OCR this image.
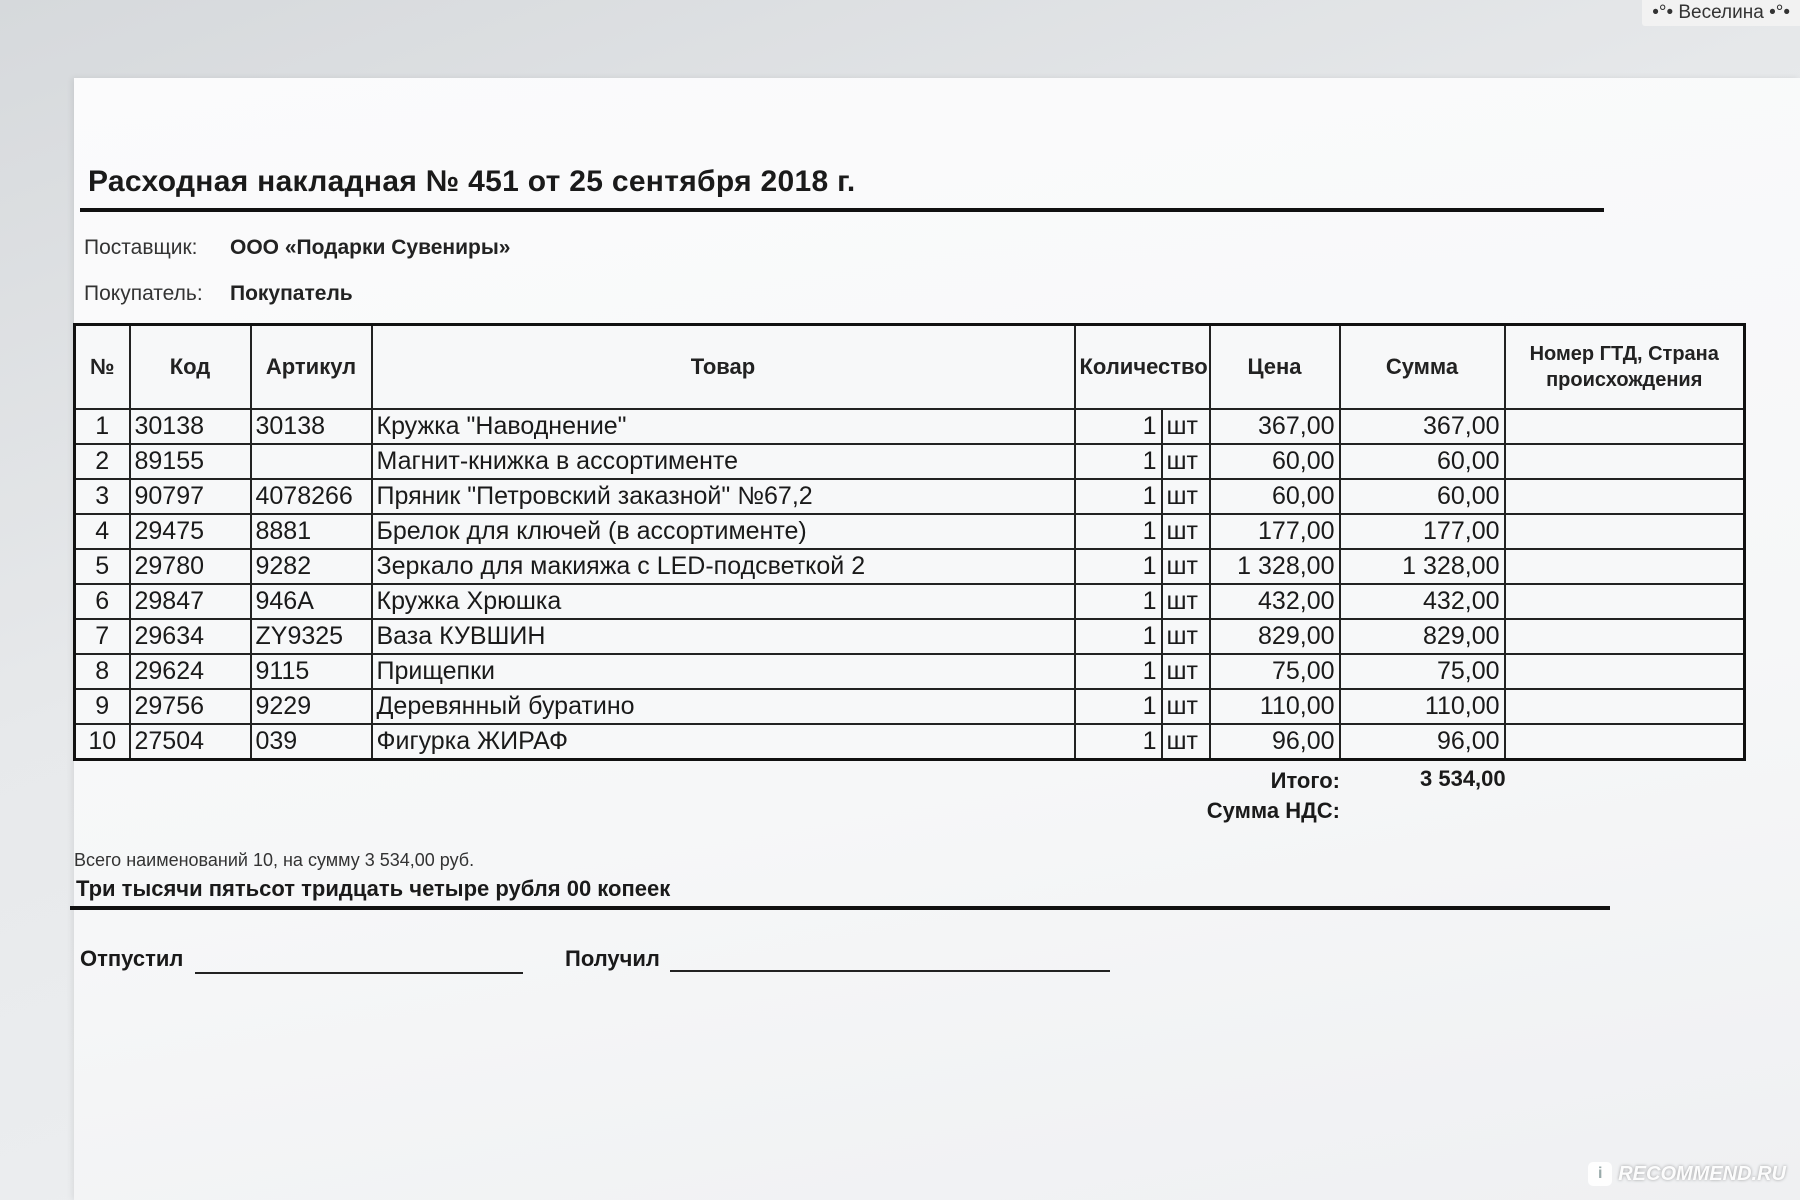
Расходная накладная № 451 от 25 сентября 2018 г.
Поставщик: ООО «Подарки Сувениры»
Покупатель: Покупатель
№	Код	Артикул	Товар	Количество		Цена	Сумма	Номер ГТД, Страна происхождения
1	30138	30138	Кружка "Наводнение"	1	шт	367,00	367,00	
2	89155		Магнит-книжка в ассортименте	1	шт	60,00	60,00	
3	90797	4078266	Пряник "Петровский заказной" №67,2	1	шт	60,00	60,00	
4	29475	8881	Брелок для ключей (в ассортименте)	1	шт	177,00	177,00	
5	29780	9282	Зеркало для макияжа с LED-подсветкой 2	1	шт	1 328,00	1 328,00	
6	29847	946A	Кружка Хрюшка	1	шт	432,00	432,00	
7	29634	ZY9325	Ваза КУВШИН	1	шт	829,00	829,00	
8	29624	9115	Прищепки	1	шт	75,00	75,00	
9	29756	9229	Деревянный буратино	1	шт	110,00	110,00	
10	27504	039	Фигурка ЖИРАФ	1	шт	96,00	96,00	
Итого:	3 534,00
Сумма НДС:
Всего наименований 10, на сумму 3 534,00 руб.
Три тысячи пятьсот тридцать четыре рубля 00 копеек
Отпустил	Получил
•°• Веселина •°•
i RECOMMEND.RU
